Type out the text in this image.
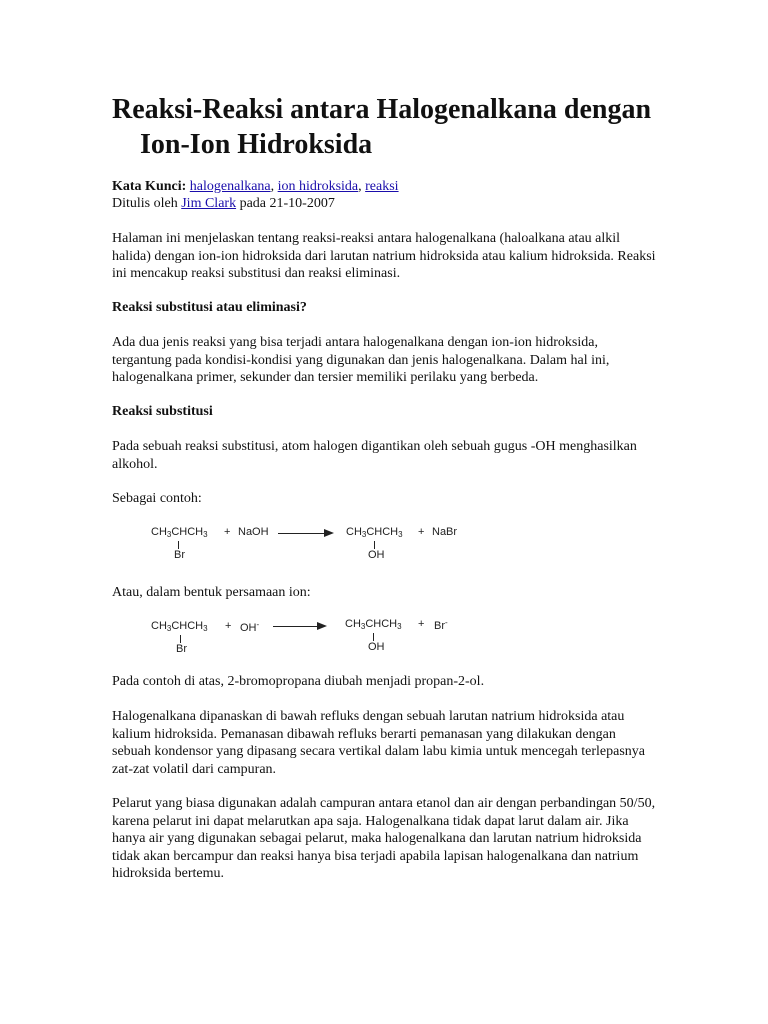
Reaksi-Reaksi antara Halogenalkana dengan Ion-Ion Hidroksida

Kata Kunci: halogenalkana, ion hidroksida, reaksi

Ditulis oleh Jim Clark pada 21-10-2007

Halaman ini menjelaskan tentang reaksi-reaksi antara halogenalkana (haloalkana atau alkil halida) dengan ion-ion hidroksida dari larutan natrium hidroksida atau kalium hidroksida. Reaksi ini mencakup reaksi substitusi dan reaksi eliminasi.

Reaksi substitusi atau eliminasi?

Ada dua jenis reaksi yang bisa terjadi antara halogenalkana dengan ion-ion hidroksida, tergantung pada kondisi-kondisi yang digunakan dan jenis halogenalkana. Dalam hal ini, halogenalkana primer, sekunder dan tersier memiliki perilaku yang berbeda.

Reaksi substitusi

Pada sebuah reaksi substitusi, atom halogen digantikan oleh sebuah gugus -OH menghasilkan alkohol.

Sebagai contoh:

$CH_3CHCH_3$
Br
+ NaOH	$CH_3CHCH_3$
OH
+ NaBr

Atau, dalam bentuk persamaan ion:

$CH_3CHCH_3$
Br
+ OH-	$CH_3CHCH_3$
OH
+ Br-

Pada contoh di atas, 2-bromopropana diubah menjadi propan-2-ol.

Halogenalkana dipanaskan di bawah refluks dengan sebuah larutan natrium hidroksida atau kalium hidroksida. Pemanasan dibawah refluks berarti pemanasan yang dilakukan dengan sebuah kondensor yang dipasang secara vertikal dalam labu kimia untuk mencegah terlepasnya zat-zat volatil dari campuran.

Pelarut yang biasa digunakan adalah campuran antara etanol dan air dengan perbandingan 50/50, karena pelarut ini dapat melarutkan apa saja. Halogenalkana tidak dapat larut dalam air. Jika hanya air yang digunakan sebagai pelarut, maka halogenalkana dan larutan natrium hidroksida tidak akan bercampur dan reaksi hanya bisa terjadi apabila lapisan halogenalkana dan natrium hidroksida bertemu.
